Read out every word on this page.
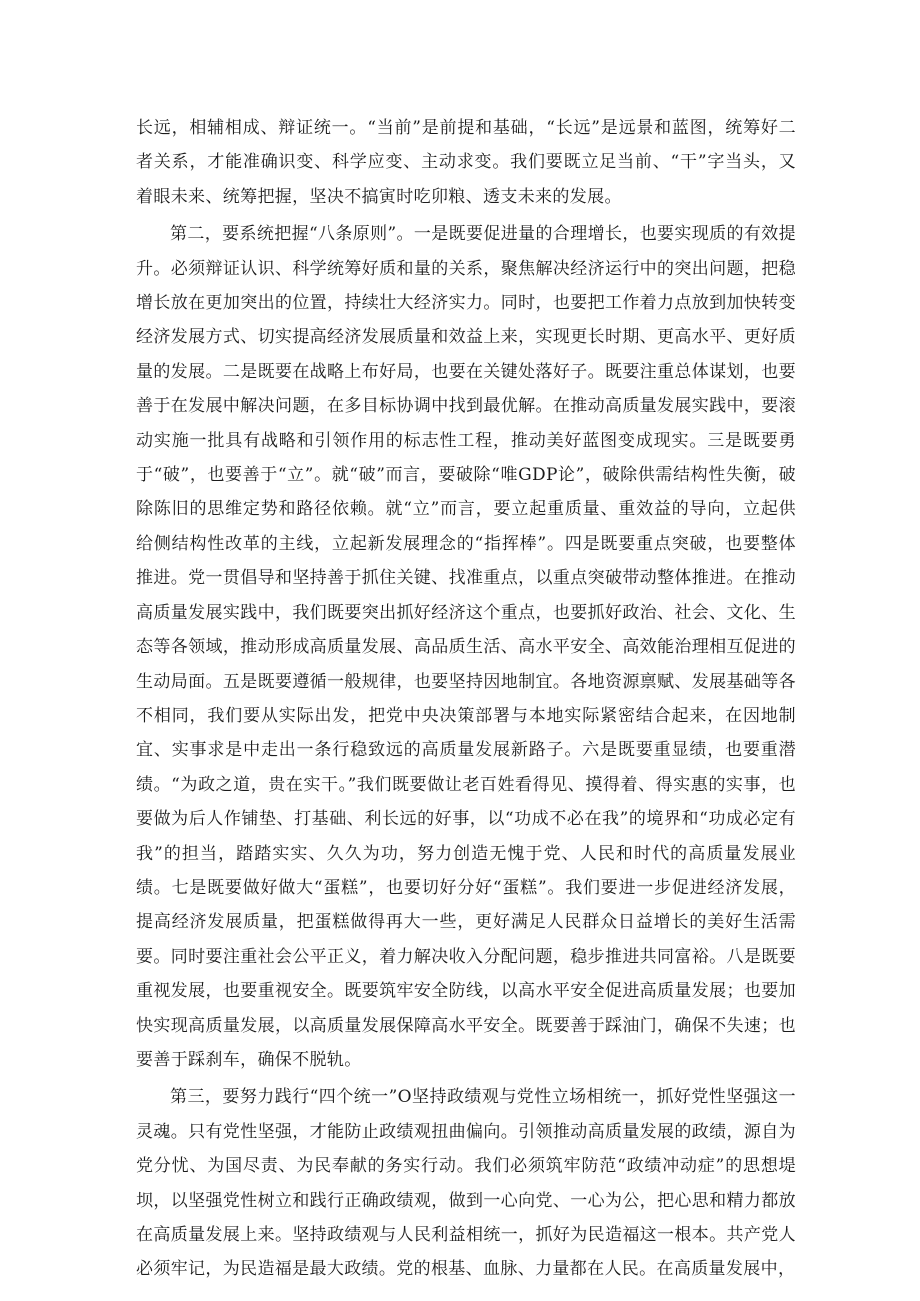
长远，相辅相成、辩证统一。“当前”是前提和基础，“长远”是远景和蓝图，统筹好二者关系，才能准确识变、科学应变、主动求变。我们要既立足当前、“干”字当头，又着眼未来、统筹把握，坚决不搞寅时吃卯粮、透支未来的发展。

第二，要系统把握“八条原则”。一是既要促进量的合理增长，也要实现质的有效提升。必须辩证认识、科学统筹好质和量的关系，聚焦解决经济运行中的突出问题，把稳增长放在更加突出的位置，持续壮大经济实力。同时，也要把工作着力点放到加快转变经济发展方式、切实提高经济发展质量和效益上来，实现更长时期、更高水平、更好质量的发展。二是既要在战略上布好局，也要在关键处落好子。既要注重总体谋划，也要善于在发展中解决问题，在多目标协调中找到最优解。在推动高质量发展实践中，要滚动实施一批具有战略和引领作用的标志性工程，推动美好蓝图变成现实。三是既要勇于“破”，也要善于“立”。就“破”而言，要破除“唯GDP论”，破除供需结构性失衡，破除陈旧的思维定势和路径依赖。就“立”而言，要立起重质量、重效益的导向，立起供给侧结构性改革的主线，立起新发展理念的“指挥棒”。四是既要重点突破，也要整体推进。党一贯倡导和坚持善于抓住关键、找准重点，以重点突破带动整体推进。在推动高质量发展实践中，我们既要突出抓好经济这个重点，也要抓好政治、社会、文化、生态等各领域，推动形成高质量发展、高品质生活、高水平安全、高效能治理相互促进的生动局面。五是既要遵循一般规律，也要坚持因地制宜。各地资源禀赋、发展基础等各不相同，我们要从实际出发，把党中央决策部署与本地实际紧密结合起来，在因地制宜、实事求是中走出一条行稳致远的高质量发展新路子。六是既要重显绩，也要重潜绩。“为政之道，贵在实干。”我们既要做让老百姓看得见、摸得着、得实惠的实事，也要做为后人作铺垫、打基础、利长远的好事，以“功成不必在我”的境界和“功成必定有我”的担当，踏踏实实、久久为功，努力创造无愧于党、人民和时代的高质量发展业绩。七是既要做好做大“蛋糕”，也要切好分好“蛋糕”。我们要进一步促进经济发展，提高经济发展质量，把蛋糕做得再大一些，更好满足人民群众日益增长的美好生活需要。同时要注重社会公平正义，着力解决收入分配问题，稳步推进共同富裕。八是既要重视发展，也要重视安全。既要筑牢安全防线，以高水平安全促进高质量发展；也要加快实现高质量发展，以高质量发展保障高水平安全。既要善于踩油门，确保不失速；也要善于踩刹车，确保不脱轨。

第三，要努力践行“四个统一”O坚持政绩观与党性立场相统一，抓好党性坚强这一灵魂。只有党性坚强，才能防止政绩观扭曲偏向。引领推动高质量发展的政绩，源自为党分忧、为国尽责、为民奉献的务实行动。我们必须筑牢防范“政绩冲动症”的思想堤坝，以坚强党性树立和践行正确政绩观，做到一心向党、一心为公，把心思和精力都放在高质量发展上来。坚持政绩观与人民利益相统一，抓好为民造福这一根本。共产党人必须牢记，为民造福是最大政绩。党的根基、血脉、力量都在人民。在高质量发展中，
